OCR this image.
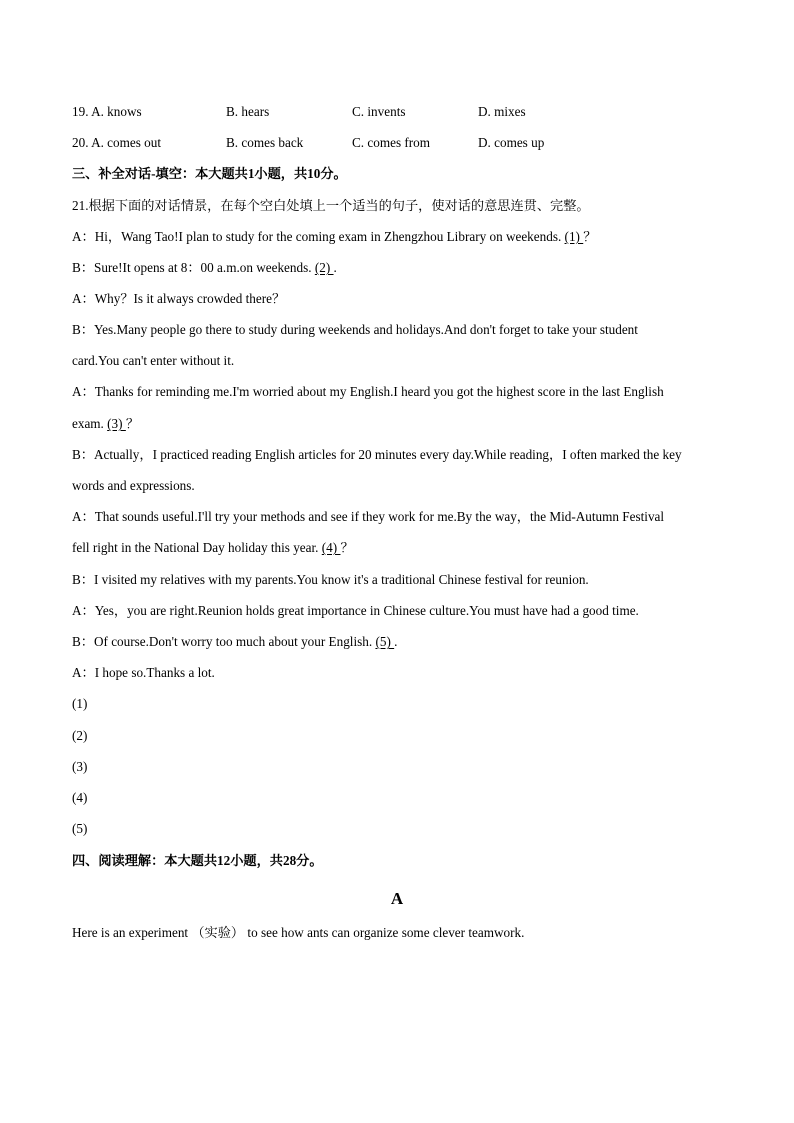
19. A. knows	B. hears	C. invents	D. mixes
20. A. comes out	B. comes back	C. comes from	D. comes up
三、补全对话-填空：本大题共1小题，共10分。
21.根据下面的对话情景，在每个空白处填上一个适当的句子，使对话的意思连贯、完整。
A：Hi，Wang Tao!I plan to study for the coming exam in Zhengzhou Library on weekends. (1) ？
B：Sure!It opens at 8：00 a.m.on weekends. (2) .
A：Why？Is it always crowded there？
B：Yes.Many people go there to study during weekends and holidays.And don't forget to take your student
card.You can't enter without it.
A：Thanks for reminding me.I'm worried about my English.I heard you got the highest score in the last English
exam. (3) ？
B：Actually，I practiced reading English articles for 20 minutes every day.While reading，I often marked the key
words and expressions.
A：That sounds useful.I'll try your methods and see if they work for me.By the way，the Mid-Autumn Festival
fell right in the National Day holiday this year. (4) ？
B：I visited my relatives with my parents.You know it's a traditional Chinese festival for reunion.
A：Yes，you are right.Reunion holds great importance in Chinese culture.You must have had a good time.
B：Of course.Don't worry too much about your English. (5) .
A：I hope so.Thanks a lot.
(1)
(2)
(3)
(4)
(5)
四、阅读理解：本大题共12小题，共28分。
A
Here is an experiment （实验） to see how ants can organize some clever teamwork.
